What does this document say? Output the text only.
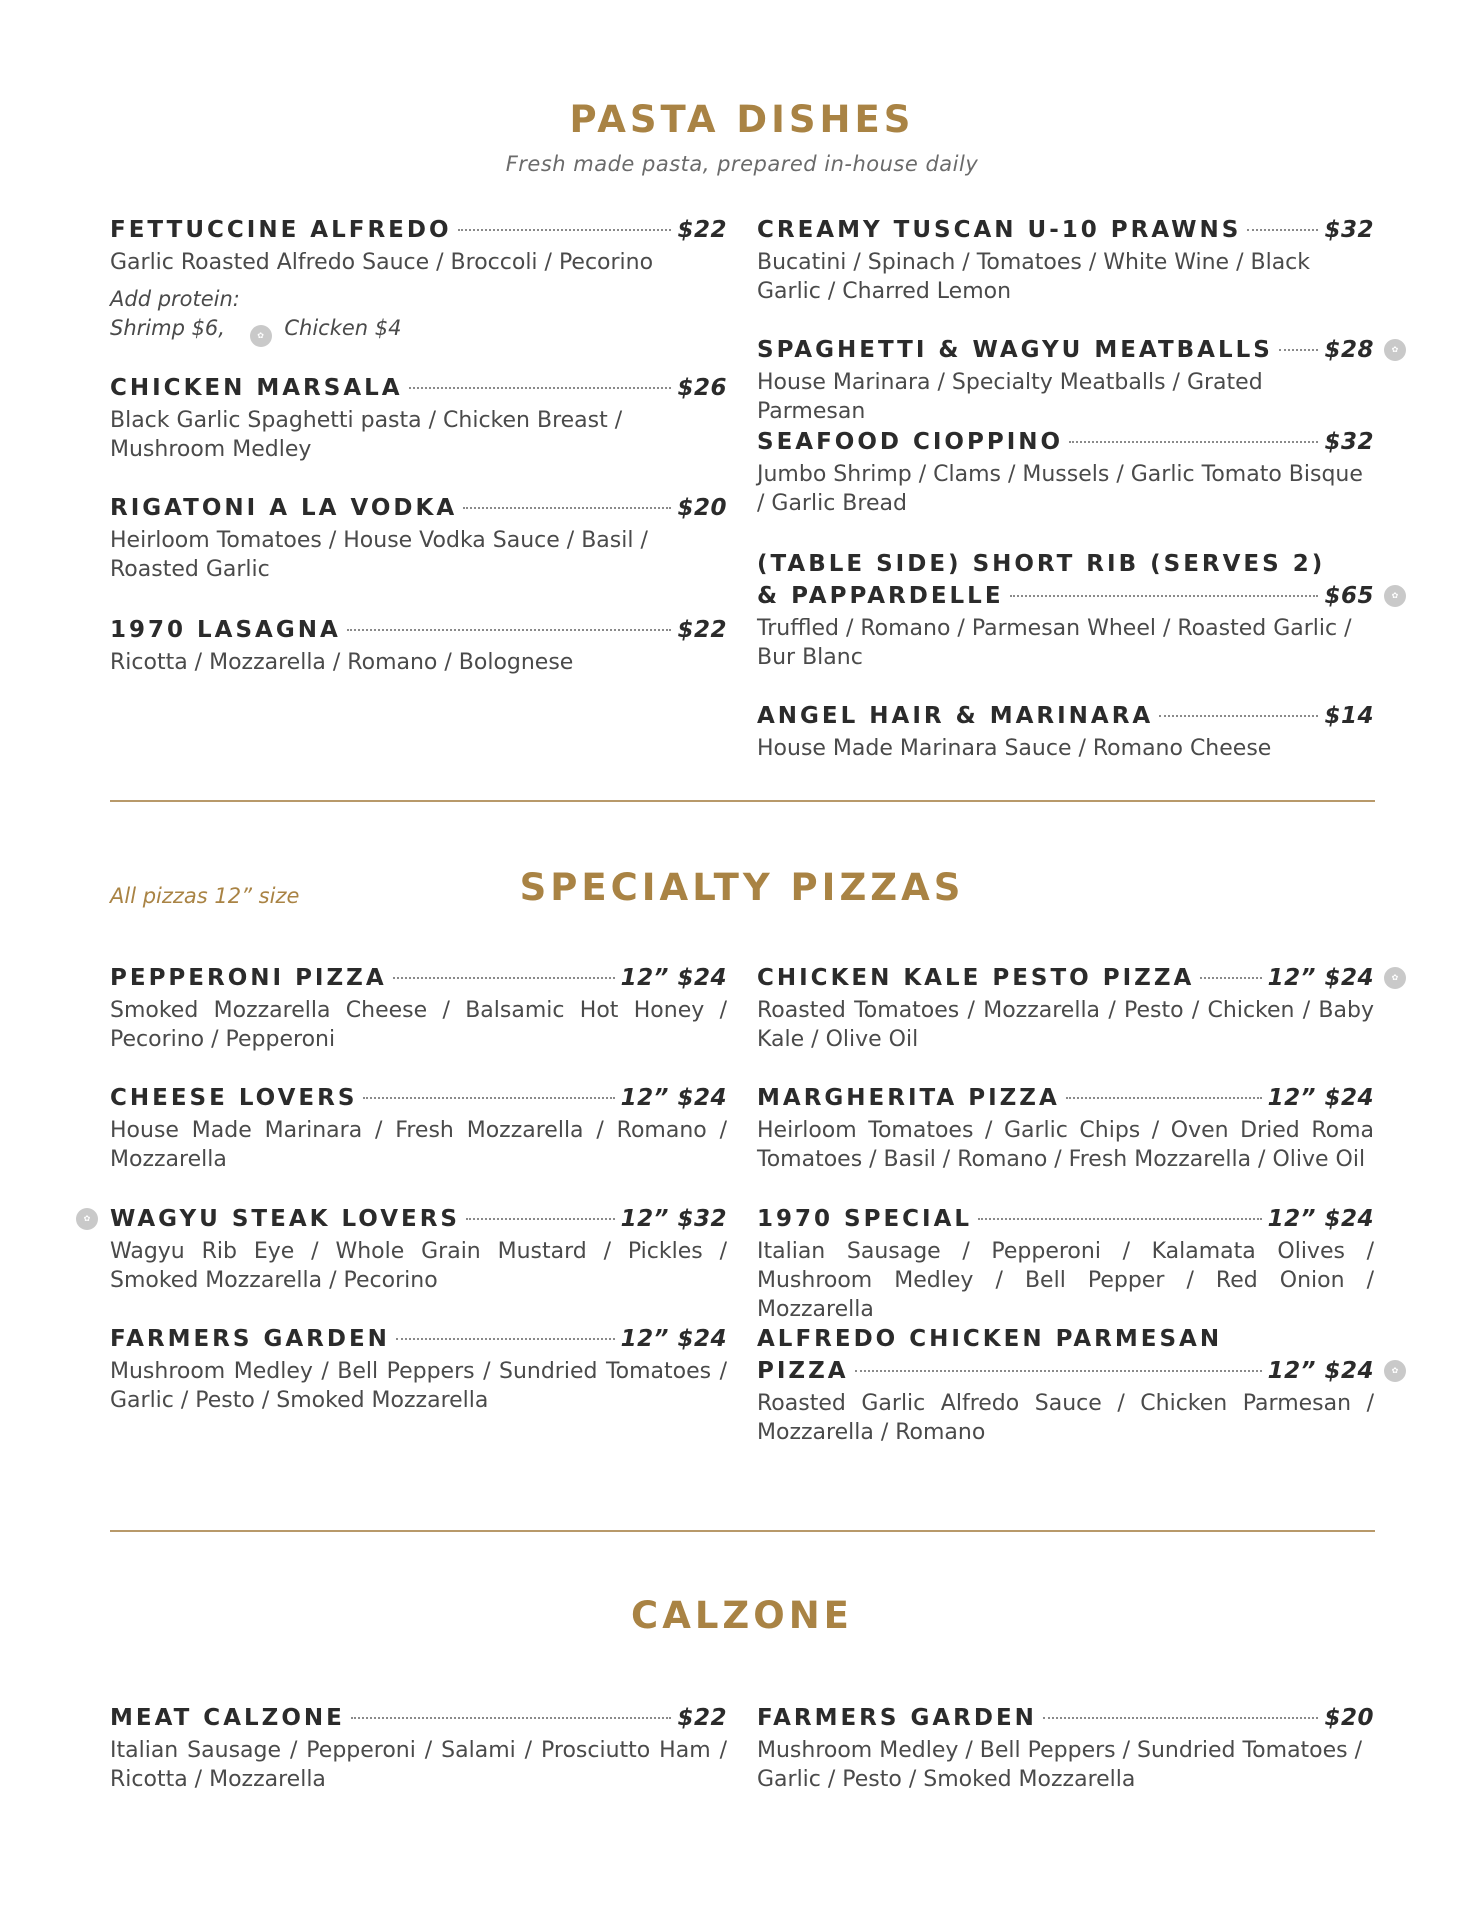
PASTA DISHES
Fresh made pasta, prepared in-house daily
FETTUCCINE ALFREDO	$22
Garlic Roasted Alfredo Sauce / Broccoli / Pecorino
Add protein:
Shrimp $6,	✿ Chicken $4
CHICKEN MARSALA	$26
Black Garlic Spaghetti pasta / Chicken Breast / Mushroom Medley
RIGATONI A LA VODKA	$20
Heirloom Tomatoes / House Vodka Sauce / Basil / Roasted Garlic
1970 LASAGNA	$22
Ricotta / Mozzarella / Romano / Bolognese
CREAMY TUSCAN U-10 PRAWNS	$32
Bucatini / Spinach / Tomatoes / White Wine / Black Garlic / Charred Lemon
SPAGHETTI & WAGYU MEATBALLS $28
House Marinara / Specialty Meatballs / Grated Parmesan
✿
SEAFOOD CIOPPINO	$32
Jumbo Shrimp / Clams / Mussels / Garlic Tomato Bisque / Garlic Bread
(TABLE SIDE) SHORT RIB (SERVES 2)
& PAPPARDELLE	$65
Truffled / Romano / Parmesan Wheel / Roasted Garlic / Bur Blanc
✿
ANGEL HAIR & MARINARA	$14
House Made Marinara Sauce / Romano Cheese
All pizzas 12” size	SPECIALTY PIZZAS
PEPPERONI PIZZA	12” $24
Smoked Mozzarella Cheese / Balsamic Hot Honey / Pecorino / Pepperoni
CHEESE LOVERS	12” $24
House Made Marinara / Fresh Mozzarella / Romano / Mozzarella
WAGYU STEAK LOVERS	12” $32
Wagyu Rib Eye / Whole Grain Mustard / Pickles / Smoked Mozzarella / Pecorino
✿
FARMERS GARDEN	12” $24
Mushroom Medley / Bell Peppers / Sundried Tomatoes / Garlic / Pesto / Smoked Mozzarella
CHICKEN KALE PESTO PIZZA	12” $24
Roasted Tomatoes / Mozzarella / Pesto / Chicken / Baby Kale / Olive Oil
✿
MARGHERITA PIZZA	12” $24
Heirloom Tomatoes / Garlic Chips / Oven Dried Roma Tomatoes / Basil / Romano / Fresh Mozzarella / Olive Oil
1970 SPECIAL	12” $24
Italian Sausage / Pepperoni / Kalamata Olives / Mushroom Medley / Bell Pepper / Red Onion / Mozzarella
ALFREDO CHICKEN PARMESAN
PIZZA	12” $24
Roasted Garlic Alfredo Sauce / Chicken Parmesan / Mozzarella / Romano
✿
CALZONE
MEAT CALZONE	$22
Italian Sausage / Pepperoni / Salami / Prosciutto Ham / Ricotta / Mozzarella
FARMERS GARDEN	$20
Mushroom Medley / Bell Peppers / Sundried Tomatoes / Garlic / Pesto / Smoked Mozzarella
